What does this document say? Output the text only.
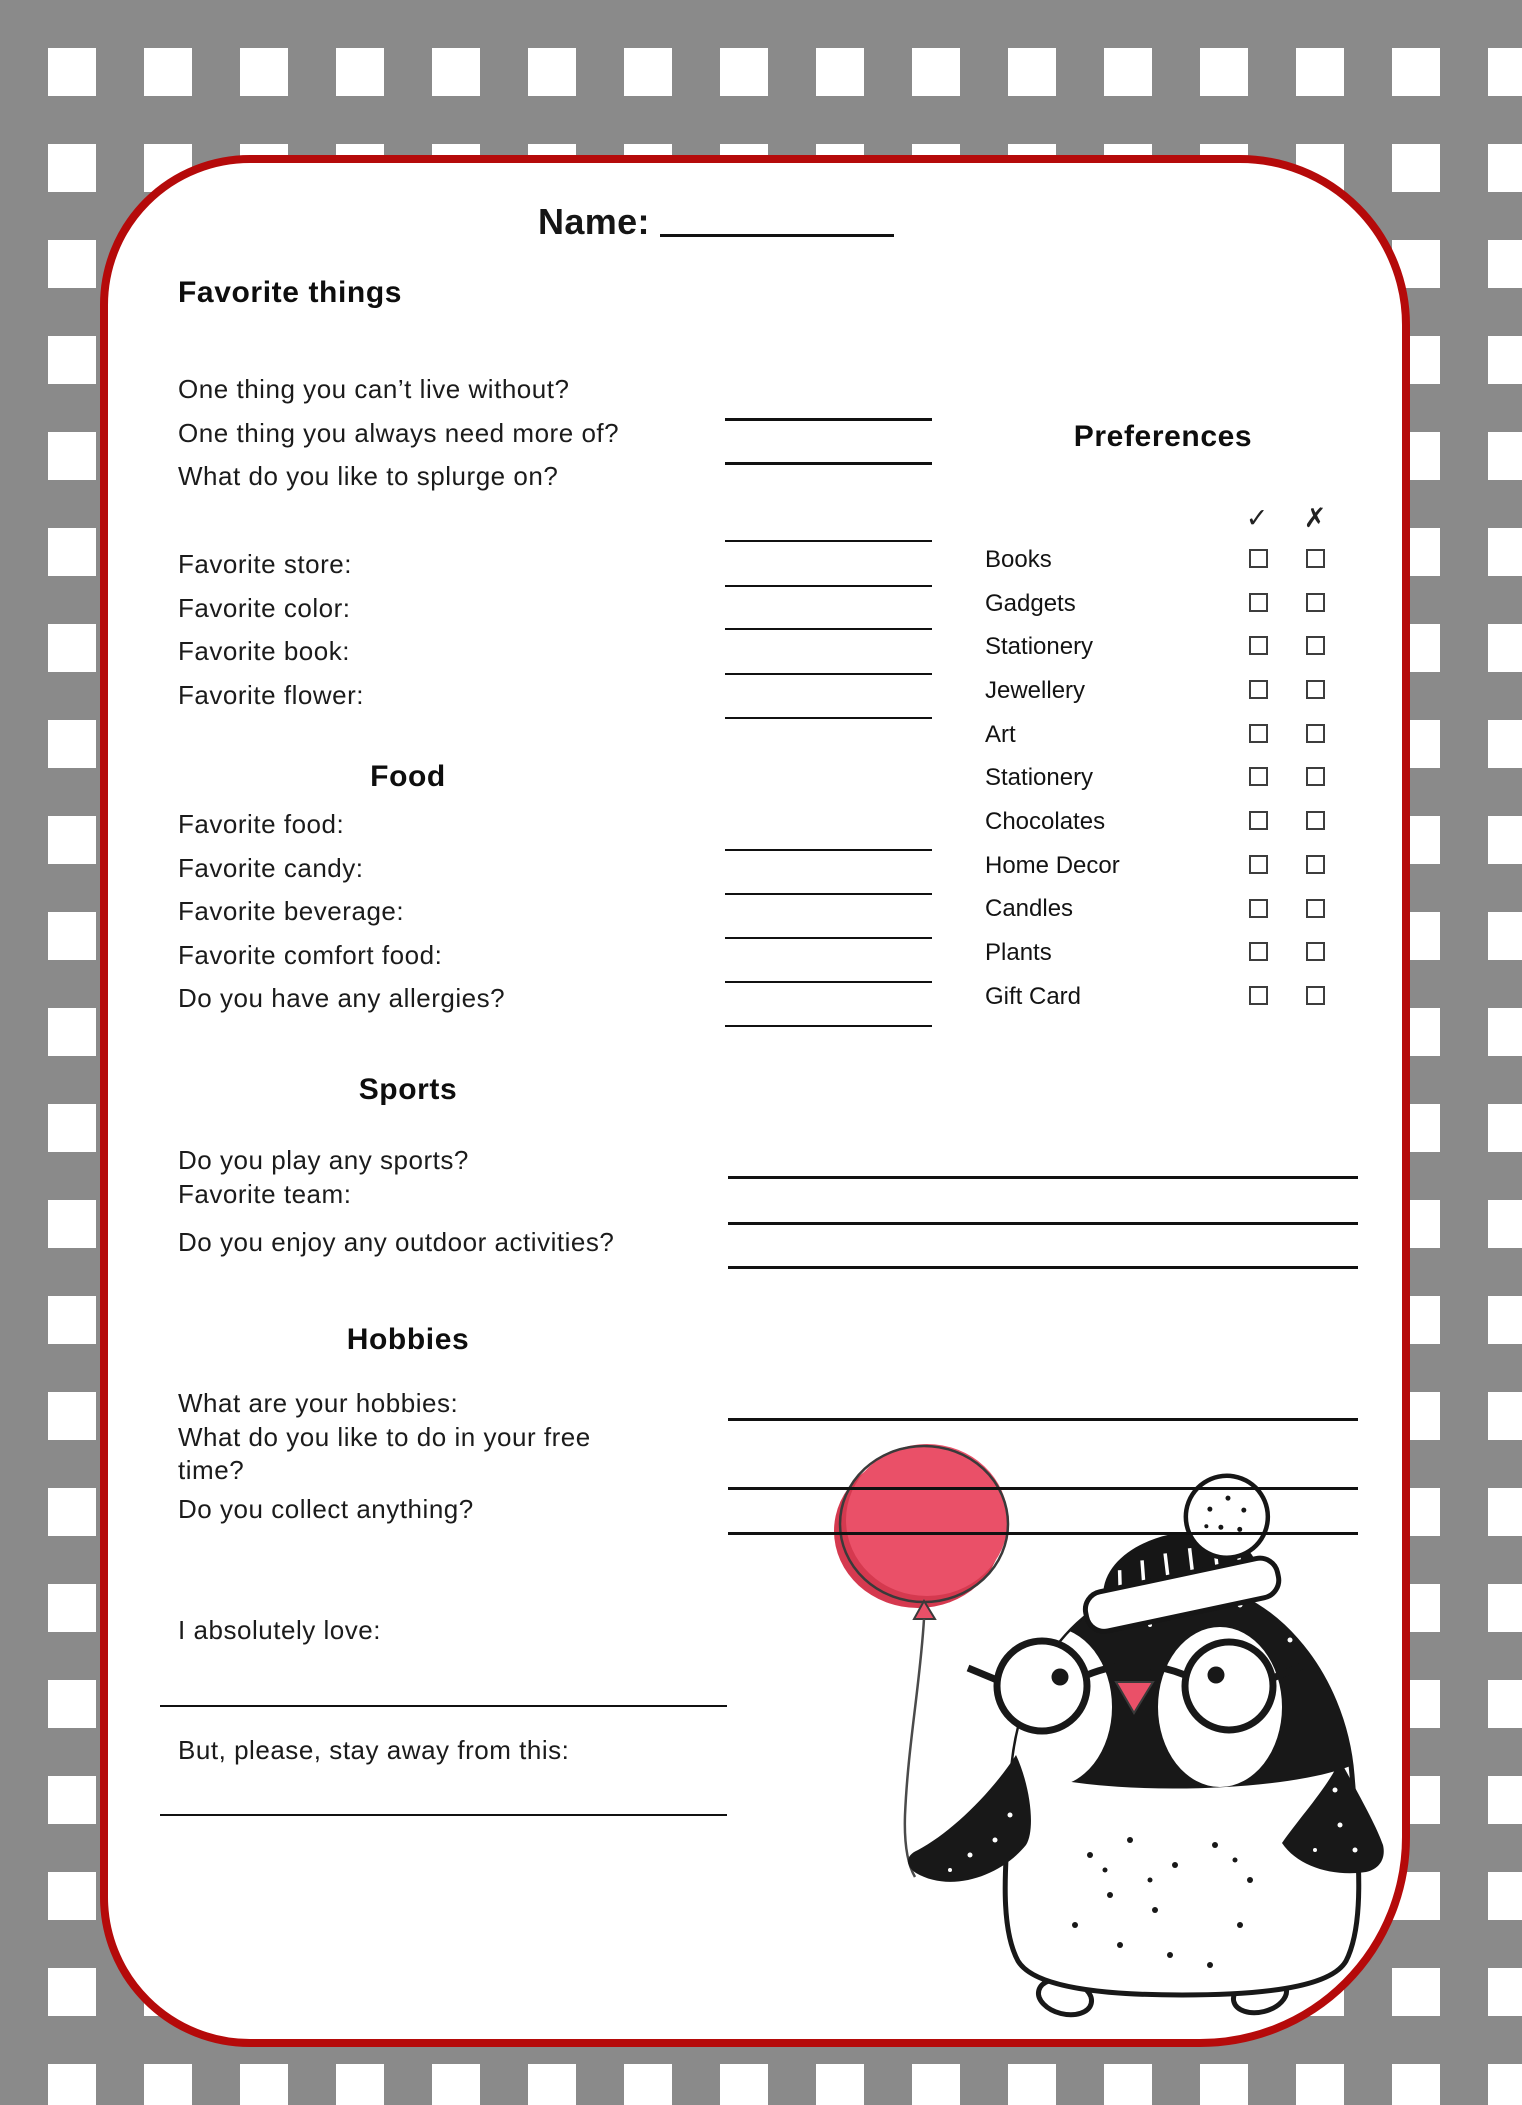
Name:
Favorite things
One thing you can’t live without?
One thing you always need more of?
What do you like to splurge on?
Favorite store:
Favorite color:
Favorite book:
Favorite flower:
Preferences
✓ ✗
Books
Gadgets
Stationery
Jewellery
Art
Stationery
Chocolates
Home Decor
Candles
Plants
Gift Card
Food
Favorite food:
Favorite candy:
Favorite beverage:
Favorite comfort food:
Do you have any allergies?
Sports
Do you play any sports?
Favorite team:
Do you enjoy any outdoor activities?
Hobbies
What are your hobbies:
What do you like to do in your free time?
Do you collect anything?
I absolutely love:
But, please, stay away from this:
